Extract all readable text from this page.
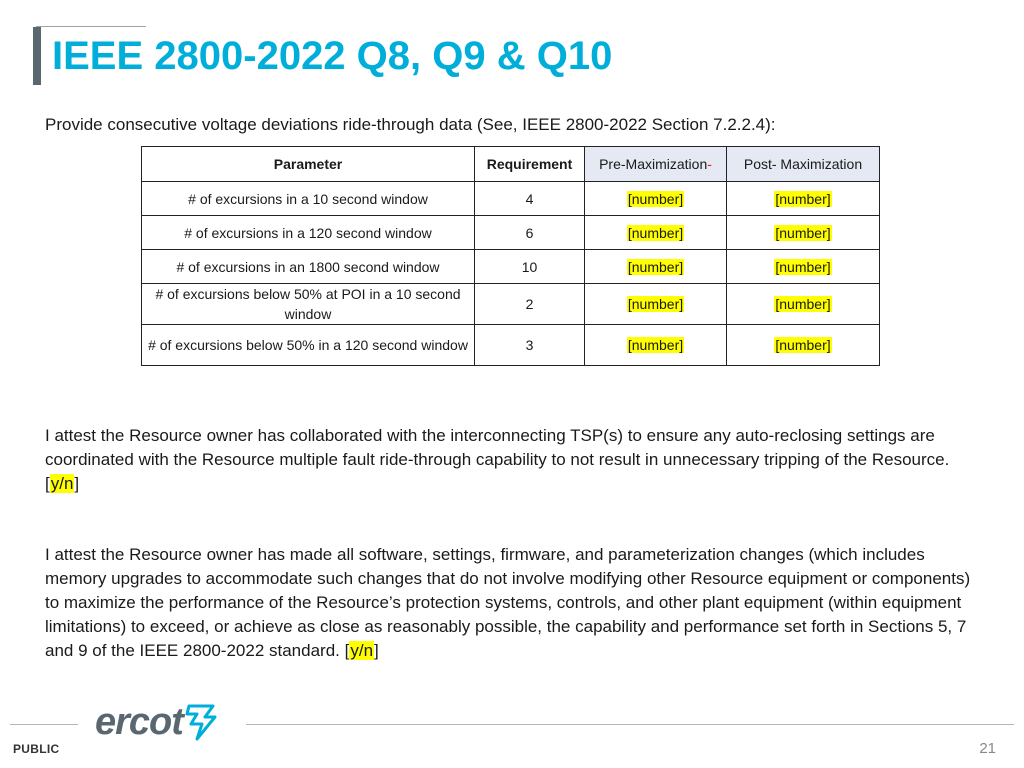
IEEE 2800-2022 Q8, Q9 & Q10
Provide consecutive voltage deviations ride-through data (See, IEEE 2800-2022 Section 7.2.2.4):
Parameter	Requirement	Pre-Maximization-	Post- Maximization
# of excursions in a 10 second window	4	[number]	[number]
# of excursions in a 120 second window	6	[number]	[number]
# of excursions in an 1800 second window	10	[number]	[number]
# of excursions below 50% at POI in a 10 second window	2	[number]	[number]
# of excursions below 50% in a 120 second window	3	[number]	[number]

I attest the Resource owner has collaborated with the interconnecting TSP(s) to ensure any auto-reclosing settings are coordinated with the Resource multiple fault ride-through capability to not result in unnecessary tripping of the Resource. [y/n]

I attest the Resource owner has made all software, settings, firmware, and parameterization changes (which includes memory upgrades to accommodate such changes that do not involve modifying other Resource equipment or components) to maximize the performance of the Resource’s protection systems, controls, and other plant equipment (within equipment limitations) to exceed, or achieve as close as reasonably possible, the capability and performance set forth in Sections 5, 7 and 9 of the IEEE 2800-2022 standard. [y/n]

ercot
PUBLIC	21
